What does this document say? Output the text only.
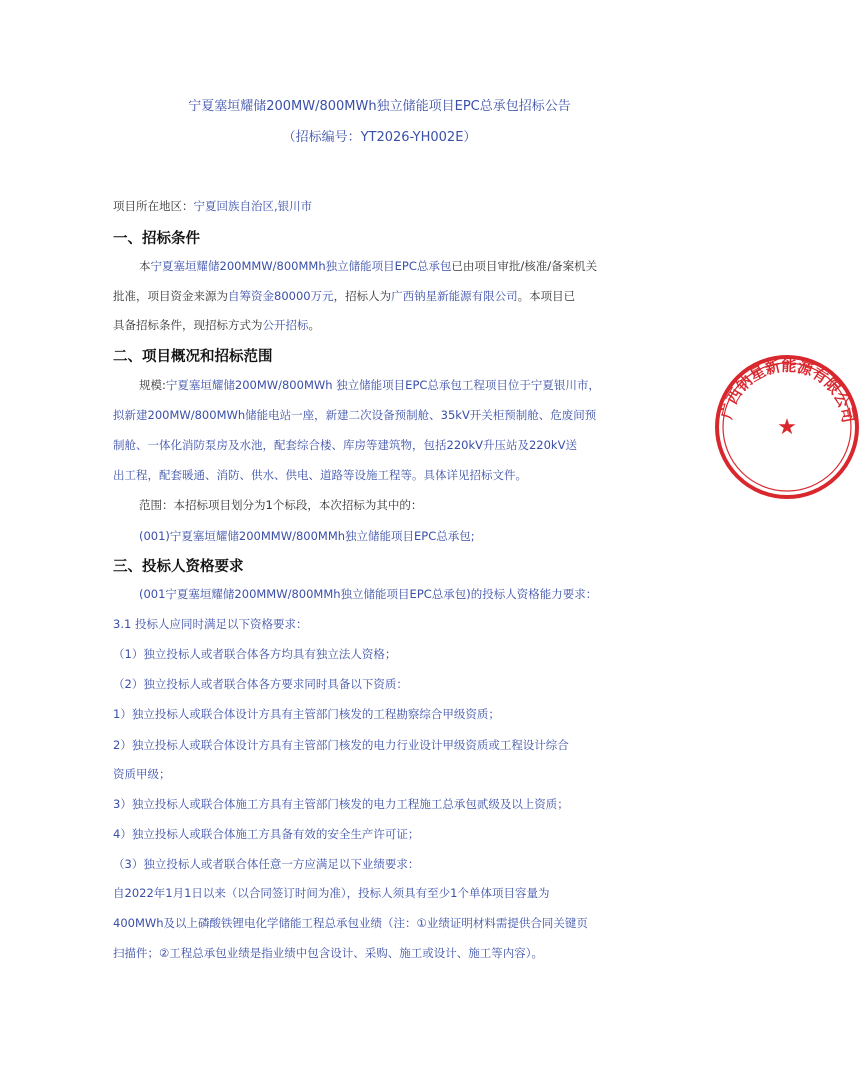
宁夏塞垣耀储200MW/800MWh独立储能项目EPC总承包招标公告
（招标编号：YT2026-YH002E）
项目所在地区：宁夏回族自治区,银川市
一、招标条件
本宁夏塞垣耀储200MMW/800MMh独立储能项目EPC总承包已由项目审批/核准/备案机关
批准，项目资金来源为自筹资金80000万元，招标人为广西钠星新能源有限公司。本项目已
具备招标条件，现招标方式为公开招标。
二、项目概况和招标范围
规模:宁夏塞垣耀储200MW/800MWh 独立储能项目EPC总承包工程项目位于宁夏银川市，
拟新建200MW/800MWh储能电站一座，新建二次设备预制舱、35kV开关柜预制舱、危废间预
制舱、一体化消防泵房及水池，配套综合楼、库房等建筑物，包括220kV升压站及220kV送
出工程，配套暖通、消防、供水、供电、道路等设施工程等。具体详见招标文件。
范围：本招标项目划分为1个标段，本次招标为其中的：
(001)宁夏塞垣耀储200MMW/800MMh独立储能项目EPC总承包;
三、投标人资格要求
(001宁夏塞垣耀储200MMW/800MMh独立储能项目EPC总承包)的投标人资格能力要求：
3.1 投标人应同时满足以下资格要求：
（1）独立投标人或者联合体各方均具有独立法人资格；
（2）独立投标人或者联合体各方要求同时具备以下资质：
1）独立投标人或联合体设计方具有主管部门核发的工程勘察综合甲级资质；
2）独立投标人或联合体设计方具有主管部门核发的电力行业设计甲级资质或工程设计综合
资质甲级；
3）独立投标人或联合体施工方具有主管部门核发的电力工程施工总承包贰级及以上资质；
4）独立投标人或联合体施工方具备有效的安全生产许可证；
（3）独立投标人或者联合体任意一方应满足以下业绩要求：
自2022年1月1日以来（以合同签订时间为准），投标人须具有至少1个单体项目容量为
400MWh及以上磷酸铁锂电化学储能工程总承包业绩（注：①业绩证明材料需提供合同关键页
扫描件；②工程总承包业绩是指业绩中包含设计、采购、施工或设计、施工等内容）。
广西钠星新能源有限公司
★
